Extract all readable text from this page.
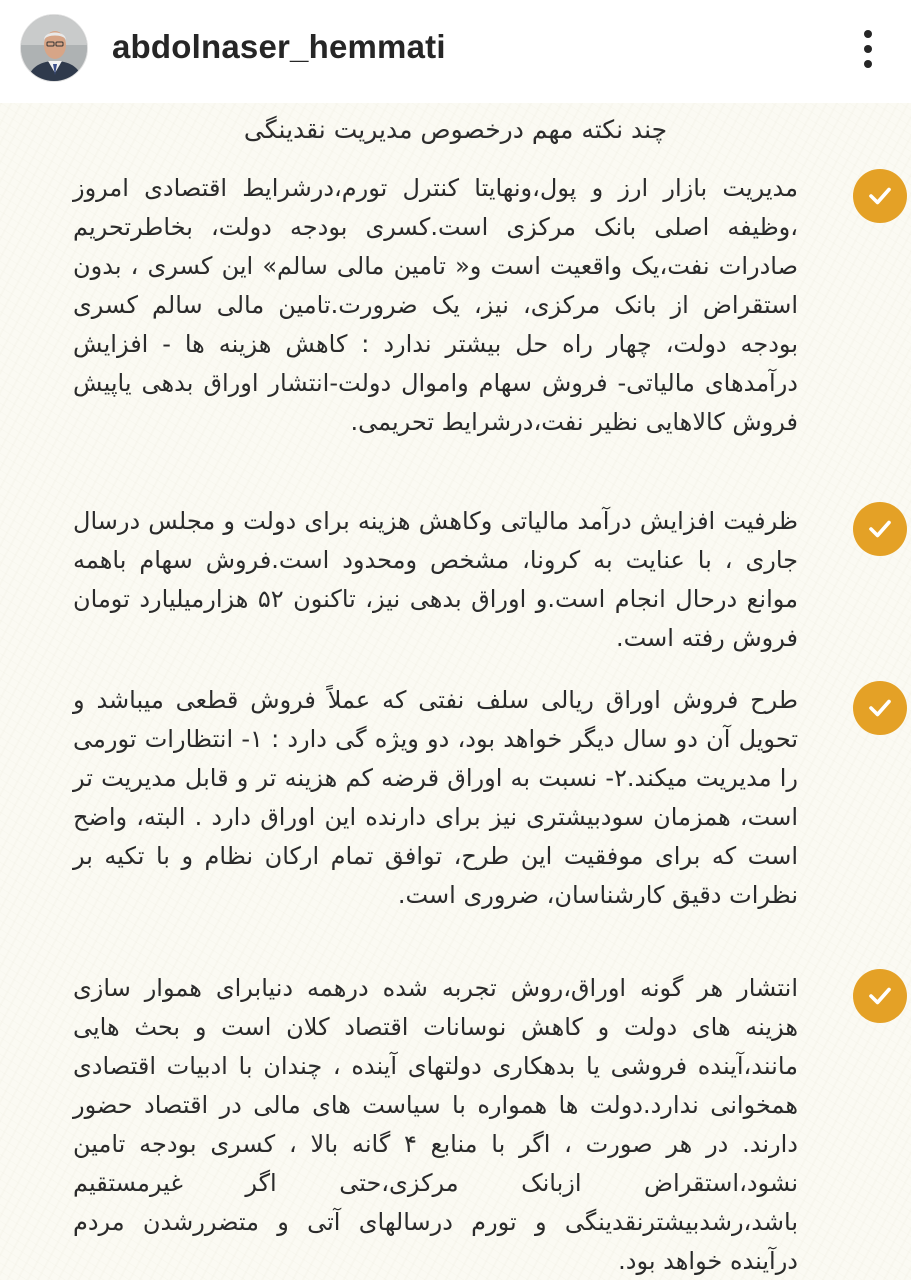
abdolnaser_hemmati
چند نکته مهم درخصوص مدیریت نقدینگی
مدیریت بازار ارز و پول،ونهایتا کنترل تورم،درشرایط اقتصادی امروز ،وظیفه اصلی بانک مرکزی است.کسری بودجه دولت، بخاطرتحریم صادرات نفت،یک واقعیت است و« تامین مالی سالم» این کسری ، بدون استقراض از بانک مرکزی، نیز، یک ضرورت.تامین مالی سالم کسری بودجه دولت، چهار راه حل بیشتر ندارد : کاهش هزینه ها - افزایش درآمدهای مالیاتی- فروش سهام واموال دولت-انتشار اوراق بدهی یاپیش فروش کالاهایی نظیر نفت،درشرایط تحریمی.
ظرفیت افزایش درآمد مالیاتی وکاهش هزینه برای دولت و مجلس درسال جاری ، با عنایت به کرونا، مشخص ومحدود است.فروش سهام باهمه موانع درحال انجام است.و اوراق بدهی نیز، تاکنون ۵۲ هزارمیلیارد تومان فروش رفته است.
طرح فروش اوراق ریالی سلف نفتی که عملاً فروش قطعی میباشد و تحویل آن دو سال دیگر خواهد بود، دو ویژه گی دارد : ۱- انتظارات تورمی را مدیریت میکند.۲- نسبت به اوراق قرضه کم هزینه تر و قابل مدیریت تر است، همزمان سودبیشتری نیز برای دارنده این اوراق دارد . البته، واضح است که برای موفقیت این طرح، توافق تمام ارکان نظام و با تکیه بر نظرات دقیق کارشناسان، ضروری است.
انتشار هر گونه اوراق،روش تجربه شده درهمه دنیابرای هموار سازی هزینه های دولت و کاهش نوسانات اقتصاد کلان است و بحث هایی مانند،آینده فروشی یا بدهکاری دولتهای آینده ، چندان با ادبیات اقتصادی همخوانی ندارد.دولت ها همواره با سیاست های مالی در اقتصاد حضور دارند. در هر صورت ، اگر با منابع ۴ گانه بالا ، کسری بودجه تامین نشود،استقراض ازبانک مرکزی،حتی اگر غیرمستقیم باشد،رشدبیشترنقدینگی و تورم درسالهای آتی و متضررشدن مردم درآینده خواهد بود.
